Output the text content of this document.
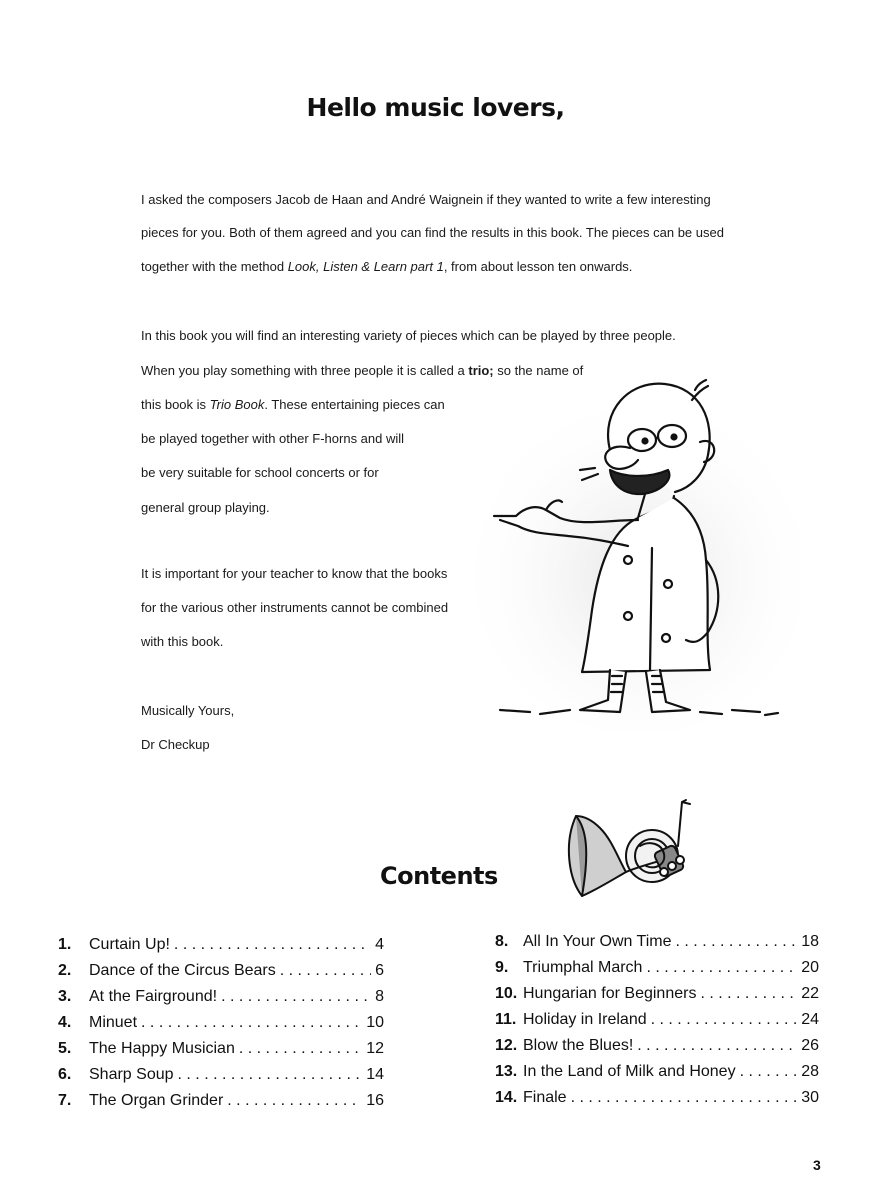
Hello music lovers,
I asked the composers Jacob de Haan and André Waignein if they wanted to write a few interesting
pieces for you. Both of them agreed and you can find the results in this book. The pieces can be used
together with the method Look, Listen & Learn part 1, from about lesson ten onwards.
In this book you will find an interesting variety of pieces which can be played by three people.
When you play something with three people it is called a trio; so the name of
this book is Trio Book. These entertaining pieces can
be played together with other F-horns and will
be very suitable for school concerts or for
general group playing.
It is important for your teacher to know that the books
for the various other instruments cannot be combined
with this book.
Musically Yours,
Dr Checkup
Contents
1.	Curtain Up! . . .	4
2.	Dance of the Circus Bears . . .	6
3.	At the Fairground! . . .	8
4.	Minuet . . .	10
5.	The Happy Musician . . .	12
6.	Sharp Soup . . .	14
7.	The Organ Grinder . . .	16
8. All In Your Own Time . . .	18
9. Triumphal March . . .	20
10. Hungarian for Beginners . . .	22
11. Holiday in Ireland . . .	24
12. Blow the Blues! . . .	26
13. In the Land of Milk and Honey . . .	28
14. Finale . . .	30
3
